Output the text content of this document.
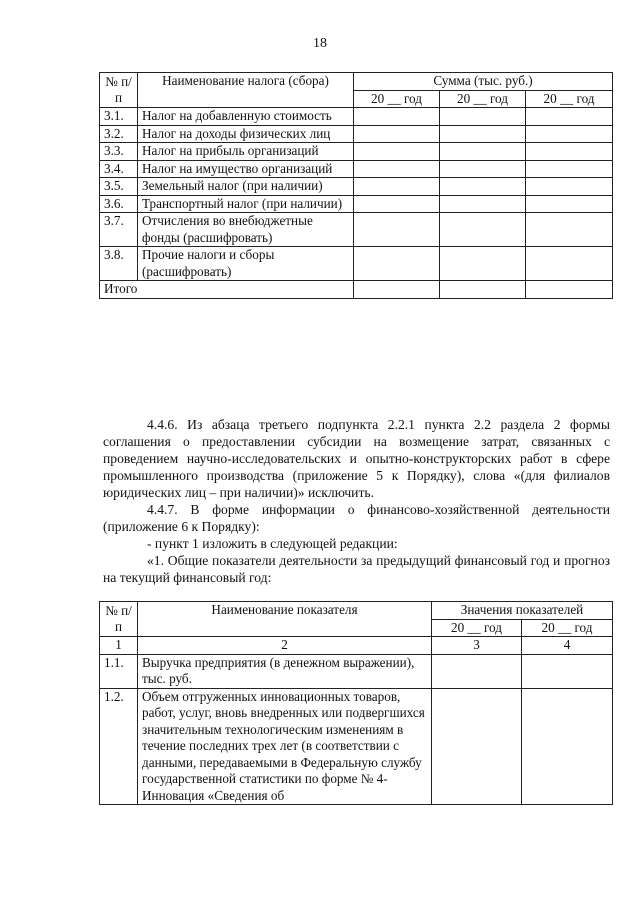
18
№ п/п	Наименование налога (сбора)	Сумма (тыс. руб.)		
		20 __ год	20 __ год	20 __ год
3.1.	Налог на добавленную стоимость			
3.2.	Налог на доходы физических лиц			
3.3.	Налог на прибыль организаций			
3.4.	Налог на имущество организаций			
3.5.	Земельный налог (при наличии)			
3.6.	Транспортный налог (при наличии)			
3.7.	Отчисления во внебюджетные фонды (расшифровать)			
3.8.	Прочие налоги и сборы (расшифровать)			
Итого				

4.4.6. Из абзаца третьего подпункта 2.2.1 пункта 2.2 раздела 2 формы соглашения о предоставлении субсидии на возмещение затрат, связанных с проведением научно-исследовательских и опытно-конструкторских работ в сфере промышленного производства (приложение 5 к Порядку), слова «(для филиалов юридических лиц – при наличии)» исключить.

4.4.7. В форме информации о финансово-хозяйственной деятельности (приложение 6 к Порядку):

- пункт 1 изложить в следующей редакции:

«1. Общие показатели деятельности за предыдущий финансовый год и прогноз на текущий финансовый год:

№ п/п	Наименование показателя	Значения показателей	
		20 __ год	20 __ год
1	2	3	4
1.1.	Выручка предприятия (в денежном выражении), тыс. руб.		
1.2.	Объем отгруженных инновационных товаров, работ, услуг, вновь внедренных или подвергшихся значительным технологическим изменениям в течение последних трех лет (в соответствии с данными, передаваемыми в Федеральную службу государственной статистики по форме № 4-Инновация «Сведения об		
